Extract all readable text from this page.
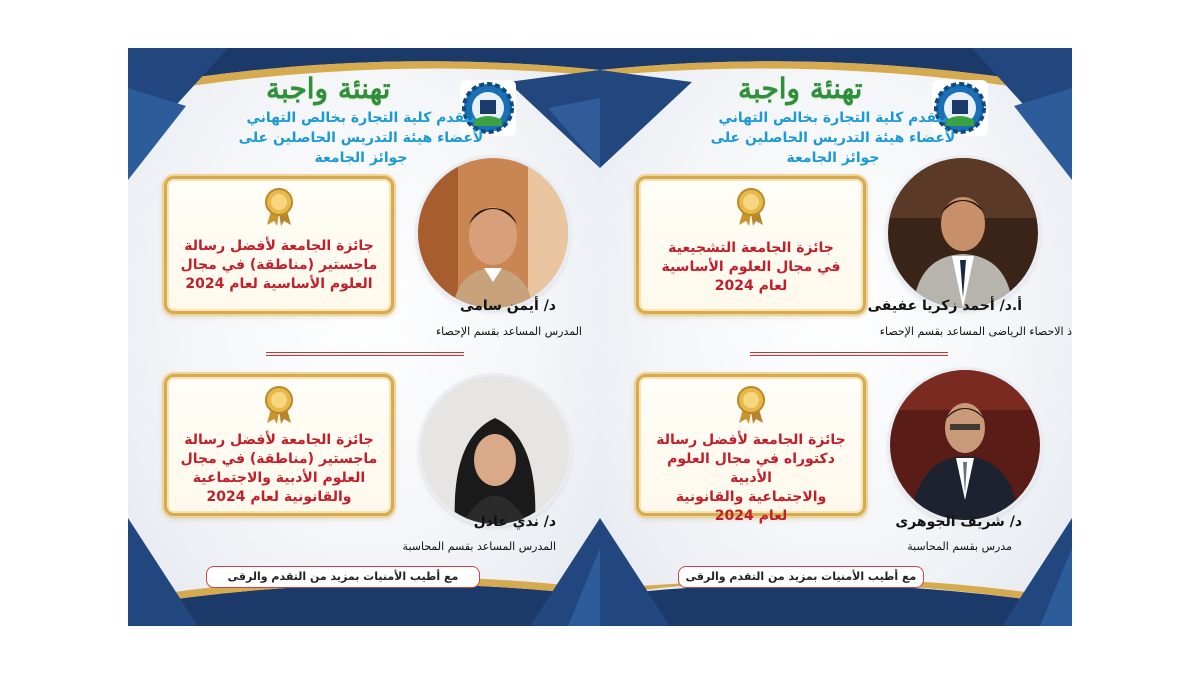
تهنئة واجبة
تتقدم كلية التجارة بخالص التهاني
لأعضاء هيئة التدريس الحاصلين على
جوائز الجامعة
جائزة الجامعة لأفضل رسالة
ماجستير (مناطقة) في مجال
العلوم الأساسية لعام 2024
د/ أيمن سامى
المدرس المساعد بقسم الإحصاء
جائزة الجامعة لأفضل رسالة
ماجستير (مناطقة) في مجال
العلوم الأدبية والاجتماعية
والقانونية لعام 2024
د/ ندي عادل
المدرس المساعد بقسم المحاسبة
مع أطيب الأمنيات بمزيد من التقدم والرقى
تهنئة واجبة
تتقدم كلية التجارة بخالص التهاني
لأعضاء هيئة التدريس الحاصلين على
جوائز الجامعة
جائزة الجامعة التشجيعية
في مجال العلوم الأساسية
لعام 2024
أ.د/ أحمد زكريا عفيفى
ذ الاحصاء الرياضى المساعد بقسم الإحصاء
جائزة الجامعة لأفضل رسالة
دكتوراه في مجال العلوم الأدبية
والاجتماعية والقانونية
لعام 2024	د/ شريف الجوهرى
مدرس بقسم المحاسبة
مع أطيب الأمنيات بمزيد من التقدم والرقى
